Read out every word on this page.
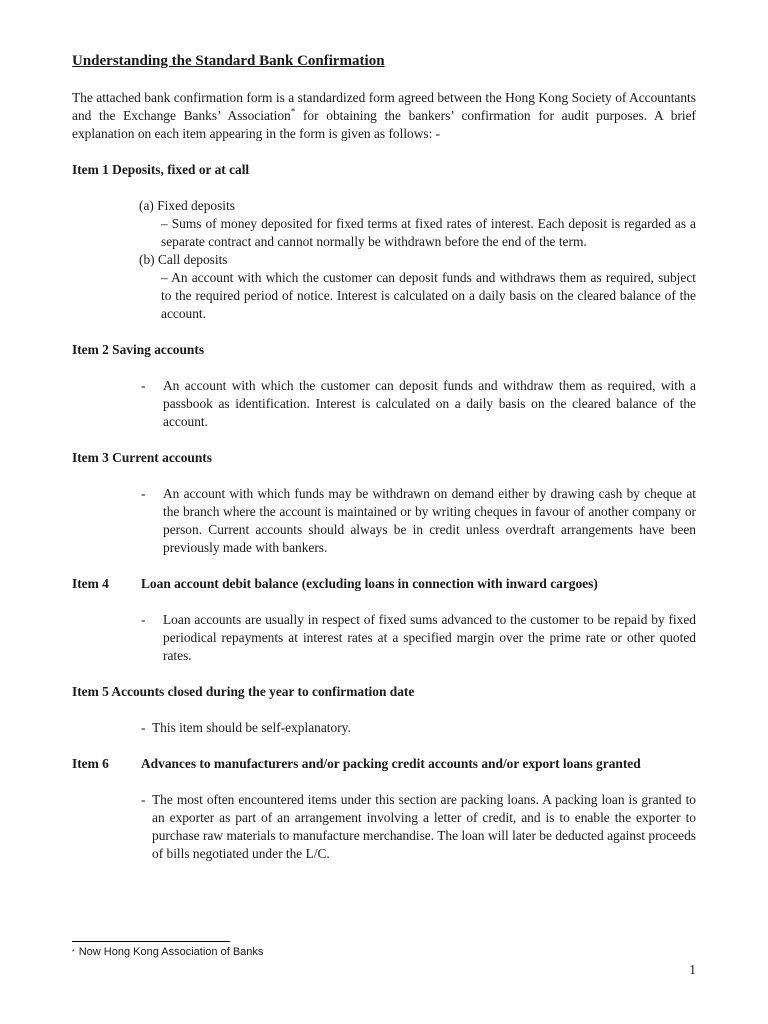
Understanding the Standard Bank Confirmation

The attached bank confirmation form is a standardized form agreed between the Hong Kong Society of Accountants and the Exchange Banks’ Association* for obtaining the bankers’ confirmation for audit purposes. A brief explanation on each item appearing in the form is given as follows: -

Item 1 Deposits, fixed or at call
(a) Fixed deposits
– Sums of money deposited for fixed terms at fixed rates of interest. Each deposit is regarded as a separate contract and cannot normally be withdrawn before the end of the term.
(b) Call deposits
– An account with which the customer can deposit funds and withdraws them as required, subject to the required period of notice. Interest is calculated on a daily basis on the cleared balance of the account.
Item 2 Saving accounts
-	An account with which the customer can deposit funds and withdraw them as required, with a passbook as identification. Interest is calculated on a daily basis on the cleared balance of the account.
Item 3 Current accounts
-	An account with which funds may be withdrawn on demand either by drawing cash by cheque at the branch where the account is maintained or by writing cheques in favour of another company or person. Current accounts should always be in credit unless overdraft arrangements have been previously made with bankers.
Item 4	Loan account debit balance (excluding loans in connection with inward cargoes)
-	Loan accounts are usually in respect of fixed sums advanced to the customer to be repaid by fixed periodical repayments at interest rates at a specified margin over the prime rate or other quoted rates.
Item 5 Accounts closed during the year to confirmation date
- This item should be self-explanatory.
Item 6	Advances to manufacturers and/or packing credit accounts and/or export loans granted
- The most often encountered items under this section are packing loans. A packing loan is granted to an exporter as part of an arrangement involving a letter of credit, and is to enable the exporter to purchase raw materials to manufacture merchandise. The loan will later be deducted against proceeds of bills negotiated under the L/C.
* Now Hong Kong Association of Banks
1
